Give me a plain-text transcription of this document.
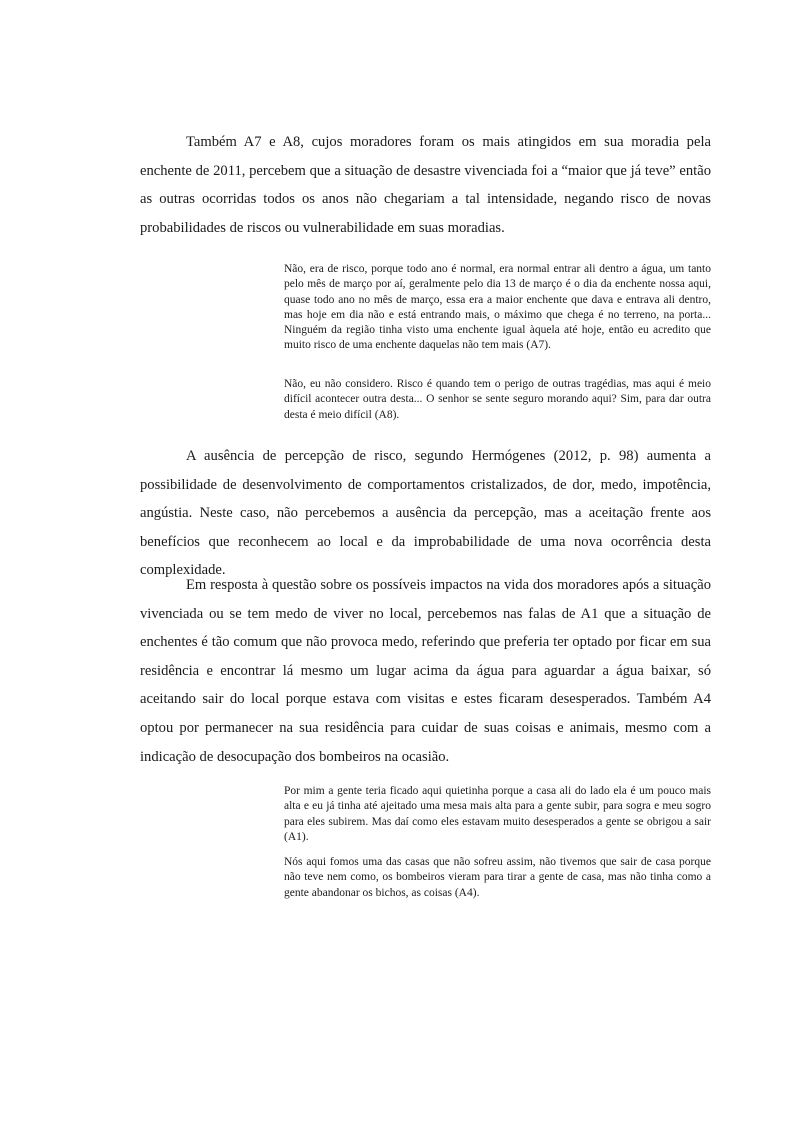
Também A7 e A8, cujos moradores foram os mais atingidos em sua moradia pela enchente de 2011, percebem que a situação de desastre vivenciada foi a “maior que já teve” então as outras ocorridas todos os anos não chegariam a tal intensidade, negando risco de novas probabilidades de riscos ou vulnerabilidade em suas moradias.

Não, era de risco, porque todo ano é normal, era normal entrar ali dentro a água, um tanto pelo mês de março por aí, geralmente pelo dia 13 de março é o dia da enchente nossa aqui, quase todo ano no mês de março, essa era a maior enchente que dava e entrava ali dentro, mas hoje em dia não e está entrando mais, o máximo que chega é no terreno, na porta... Ninguém da região tinha visto uma enchente igual àquela até hoje, então eu acredito que muito risco de uma enchente daquelas não tem mais (A7).

Não, eu não considero. Risco é quando tem o perigo de outras tragédias, mas aqui é meio difícil acontecer outra desta... O senhor se sente seguro morando aqui? Sim, para dar outra desta é meio difícil (A8).

A ausência de percepção de risco, segundo Hermógenes (2012, p. 98) aumenta a possibilidade de desenvolvimento de comportamentos cristalizados, de dor, medo, impotência, angústia. Neste caso, não percebemos a ausência da percepção, mas a aceitação frente aos benefícios que reconhecem ao local e da improbabilidade de uma nova ocorrência desta complexidade.

Em resposta à questão sobre os possíveis impactos na vida dos moradores após a situação vivenciada ou se tem medo de viver no local, percebemos nas falas de A1 que a situação de enchentes é tão comum que não provoca medo, referindo que preferia ter optado por ficar em sua residência e encontrar lá mesmo um lugar acima da água para aguardar a água baixar, só aceitando sair do local porque estava com visitas e estes ficaram desesperados. Também A4 optou por permanecer na sua residência para cuidar de suas coisas e animais, mesmo com a indicação de desocupação dos bombeiros na ocasião.

Por mim a gente teria ficado aqui quietinha porque a casa ali do lado ela é um pouco mais alta e eu já tinha até ajeitado uma mesa mais alta para a gente subir, para sogra e meu sogro para eles subirem. Mas daí como eles estavam muito desesperados a gente se obrigou a sair (A1).

Nós aqui fomos uma das casas que não sofreu assim, não tivemos que sair de casa porque não teve nem como, os bombeiros vieram para tirar a gente de casa, mas não tinha como a gente abandonar os bichos, as coisas (A4).
